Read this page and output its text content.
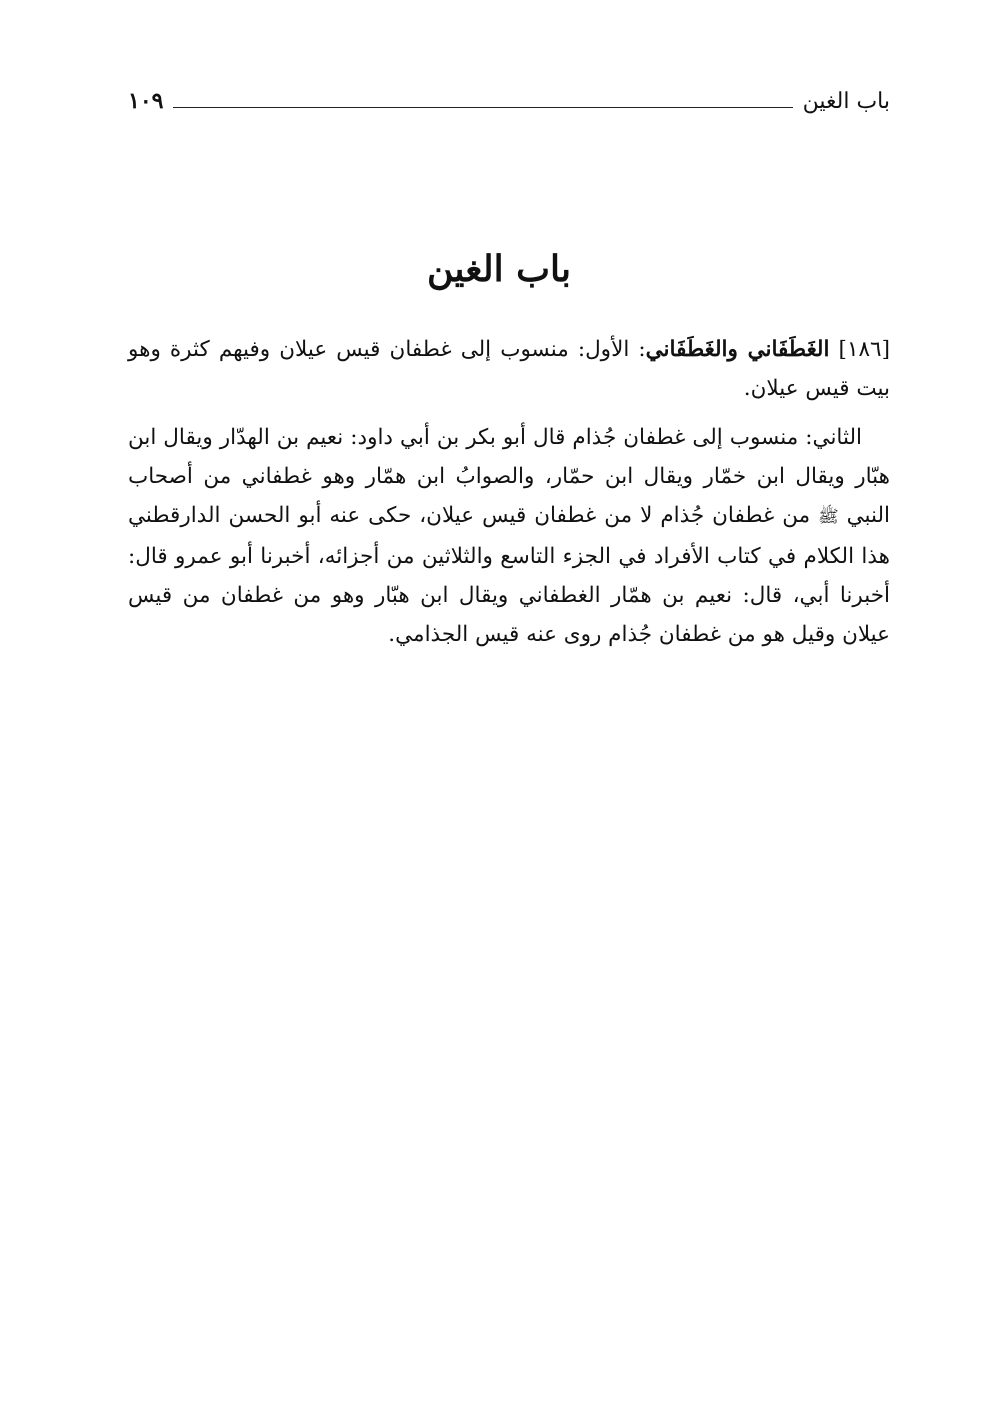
باب الغين
١٠٩
باب الغين

[١٨٦] الغَطَفَاني والغَطَفَاني: الأول: منسوب إلى غطفان قيس عيلان وفيهم كثرة وهو بيت قيس عيلان.

الثاني: منسوب إلى غطفان جُذام قال أبو بكر بن أبي داود: نعيم بن الهدّار ويقال ابن هبّار ويقال ابن خمّار ويقال ابن حمّار، والصوابُ ابن همّار وهو غطفاني من أصحاب النبي ﷺ من غطفان جُذام لا من غطفان قيس عيلان، حكى عنه أبو الحسن الدارقطني هذا الكلام في كتاب الأفراد في الجزء التاسع والثلاثين من أجزائه، أخبرنا أبو عمرو قال: أخبرنا أبي، قال: نعيم بن همّار الغطفاني ويقال ابن هبّار وهو من غطفان من قيس عيلان وقيل هو من غطفان جُذام روى عنه قيس الجذامي.
